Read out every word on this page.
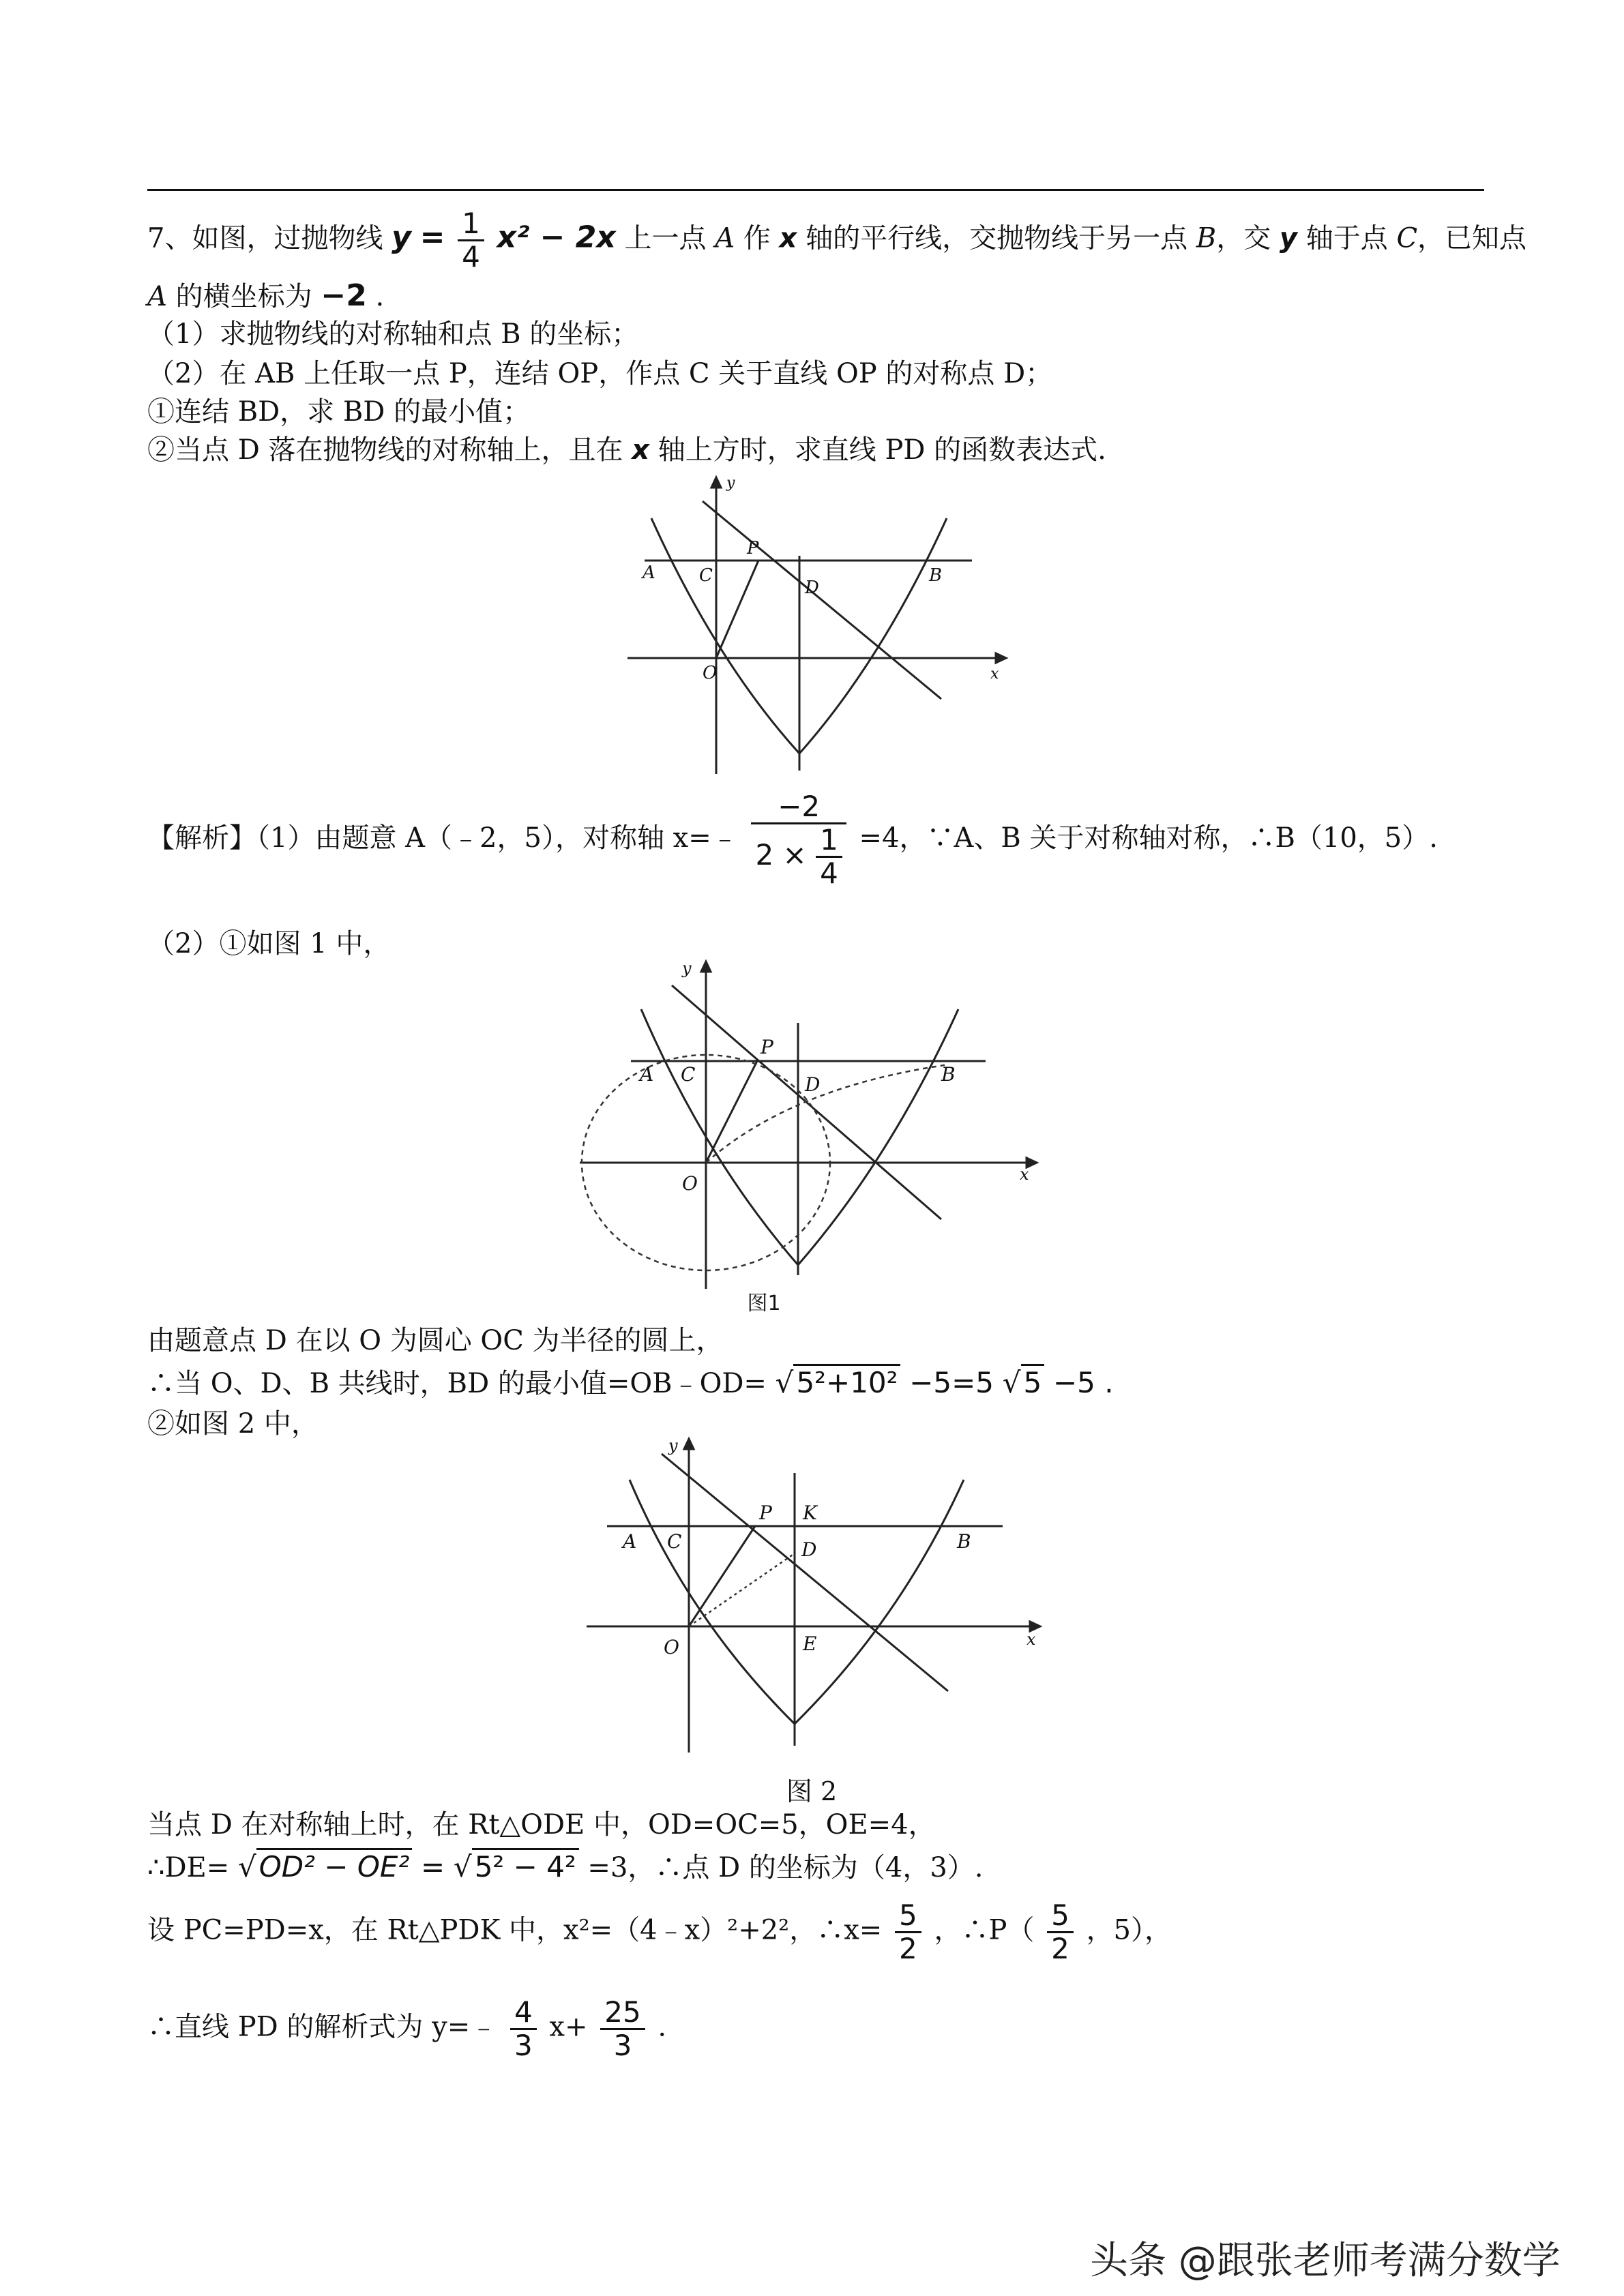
7、如图，过抛物线 $y = \frac{1}{4} x^2 - 2x$ 上一点 A 作 x 轴的平行线，交抛物线于另一点 B，交 y 轴于点 C，已知点
A 的横坐标为 −2 .
（1）求抛物线的对称轴和点 B 的坐标；
（2）在 AB 上任取一点 P，连结 OP，作点 C 关于直线 OP 的对称点 D；
①连结 BD，求 BD 的最小值；
②当点 D 落在抛物线的对称轴上，且在 x 轴上方时，求直线 PD 的函数表达式.
A C
P
D
B
O	x
y
【解析】（1）由题意 A（﹣2，5），对称轴 x=﹣ $\frac{-2}{2 \times \frac{1}{4}} =4$，∵A、B 关于对称轴对称，∴B（10，5）.
（2）①如图 1 中，
A C
P
D	B
O	x
y
图1
由题意点 D 在以 O 为圆心 OC 为半径的圆上，
∴当 O、D、B 共线时，BD 的最小值=OB﹣OD= √5²+10² −5=5 √5 −5 .
②如图 2 中，
A C
P K
D	B
O	E	x
y
图 2
当点 D 在对称轴上时，在 Rt△ODE 中，OD=OC=5，OE=4，
∴DE= √OD² − OE² = √5² − 4² =3，∴点 D 的坐标为（4，3）.
设 PC=PD=x，在 Rt△PDK 中，x²=（4﹣x）²+2²，∴x= $\frac{5}{2}$ ，∴P（ $\frac{5}{2}$ ，5），
∴直线 PD 的解析式为 y=﹣ $\frac{4}{3} x+ \frac{25}{3}$ .
头条 @跟张老师考满分数学
